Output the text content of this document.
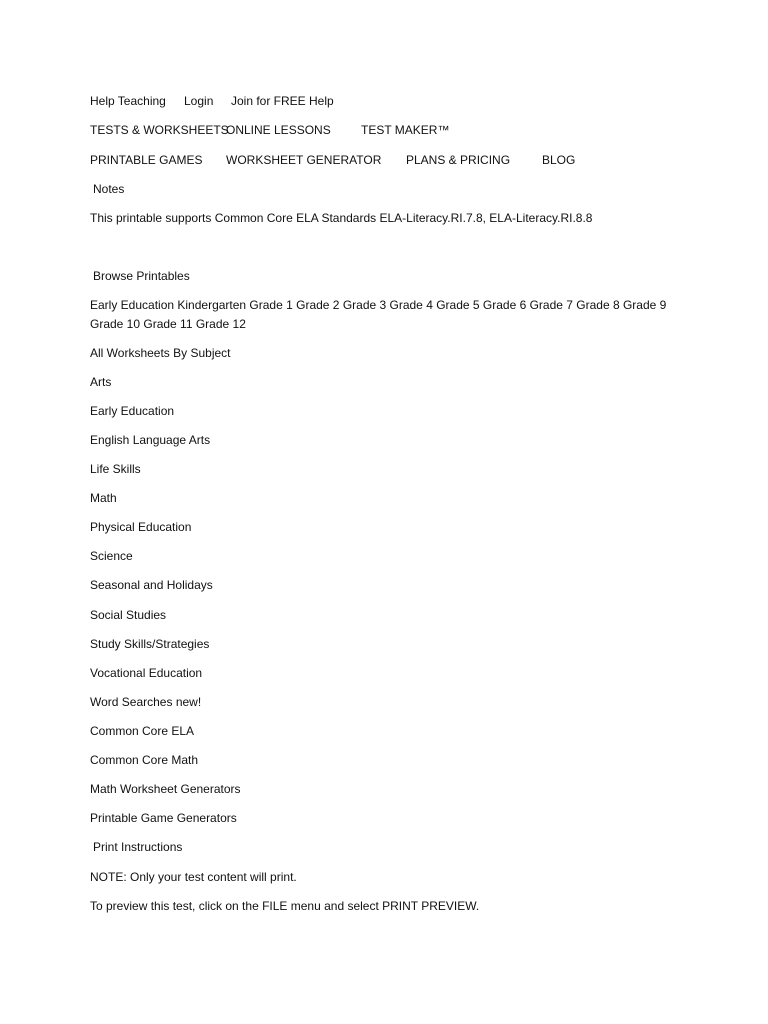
Help Teaching Login Join for FREE Help
TESTS & WORKSHEETS
ONLINE LESSONS	TEST MAKER™
PRINTABLE GAMES WORKSHEET GENERATOR PLANS & PRICING	BLOG
Notes
This printable supports Common Core ELA Standards ELA-Literacy.RI.7.8, ELA-Literacy.RI.8.8
Browse Printables
Early Education Kindergarten Grade 1 Grade 2 Grade 3 Grade 4 Grade 5 Grade 6 Grade 7 Grade 8 Grade 9 Grade 10 Grade 11 Grade 12
All Worksheets By Subject
Arts
Early Education
English Language Arts
Life Skills
Math
Physical Education
Science
Seasonal and Holidays
Social Studies
Study Skills/Strategies
Vocational Education
Word Searches new!
Common Core ELA
Common Core Math
Math Worksheet Generators
Printable Game Generators
Print Instructions
NOTE: Only your test content will print.
To preview this test, click on the FILE menu and select PRINT PREVIEW.
